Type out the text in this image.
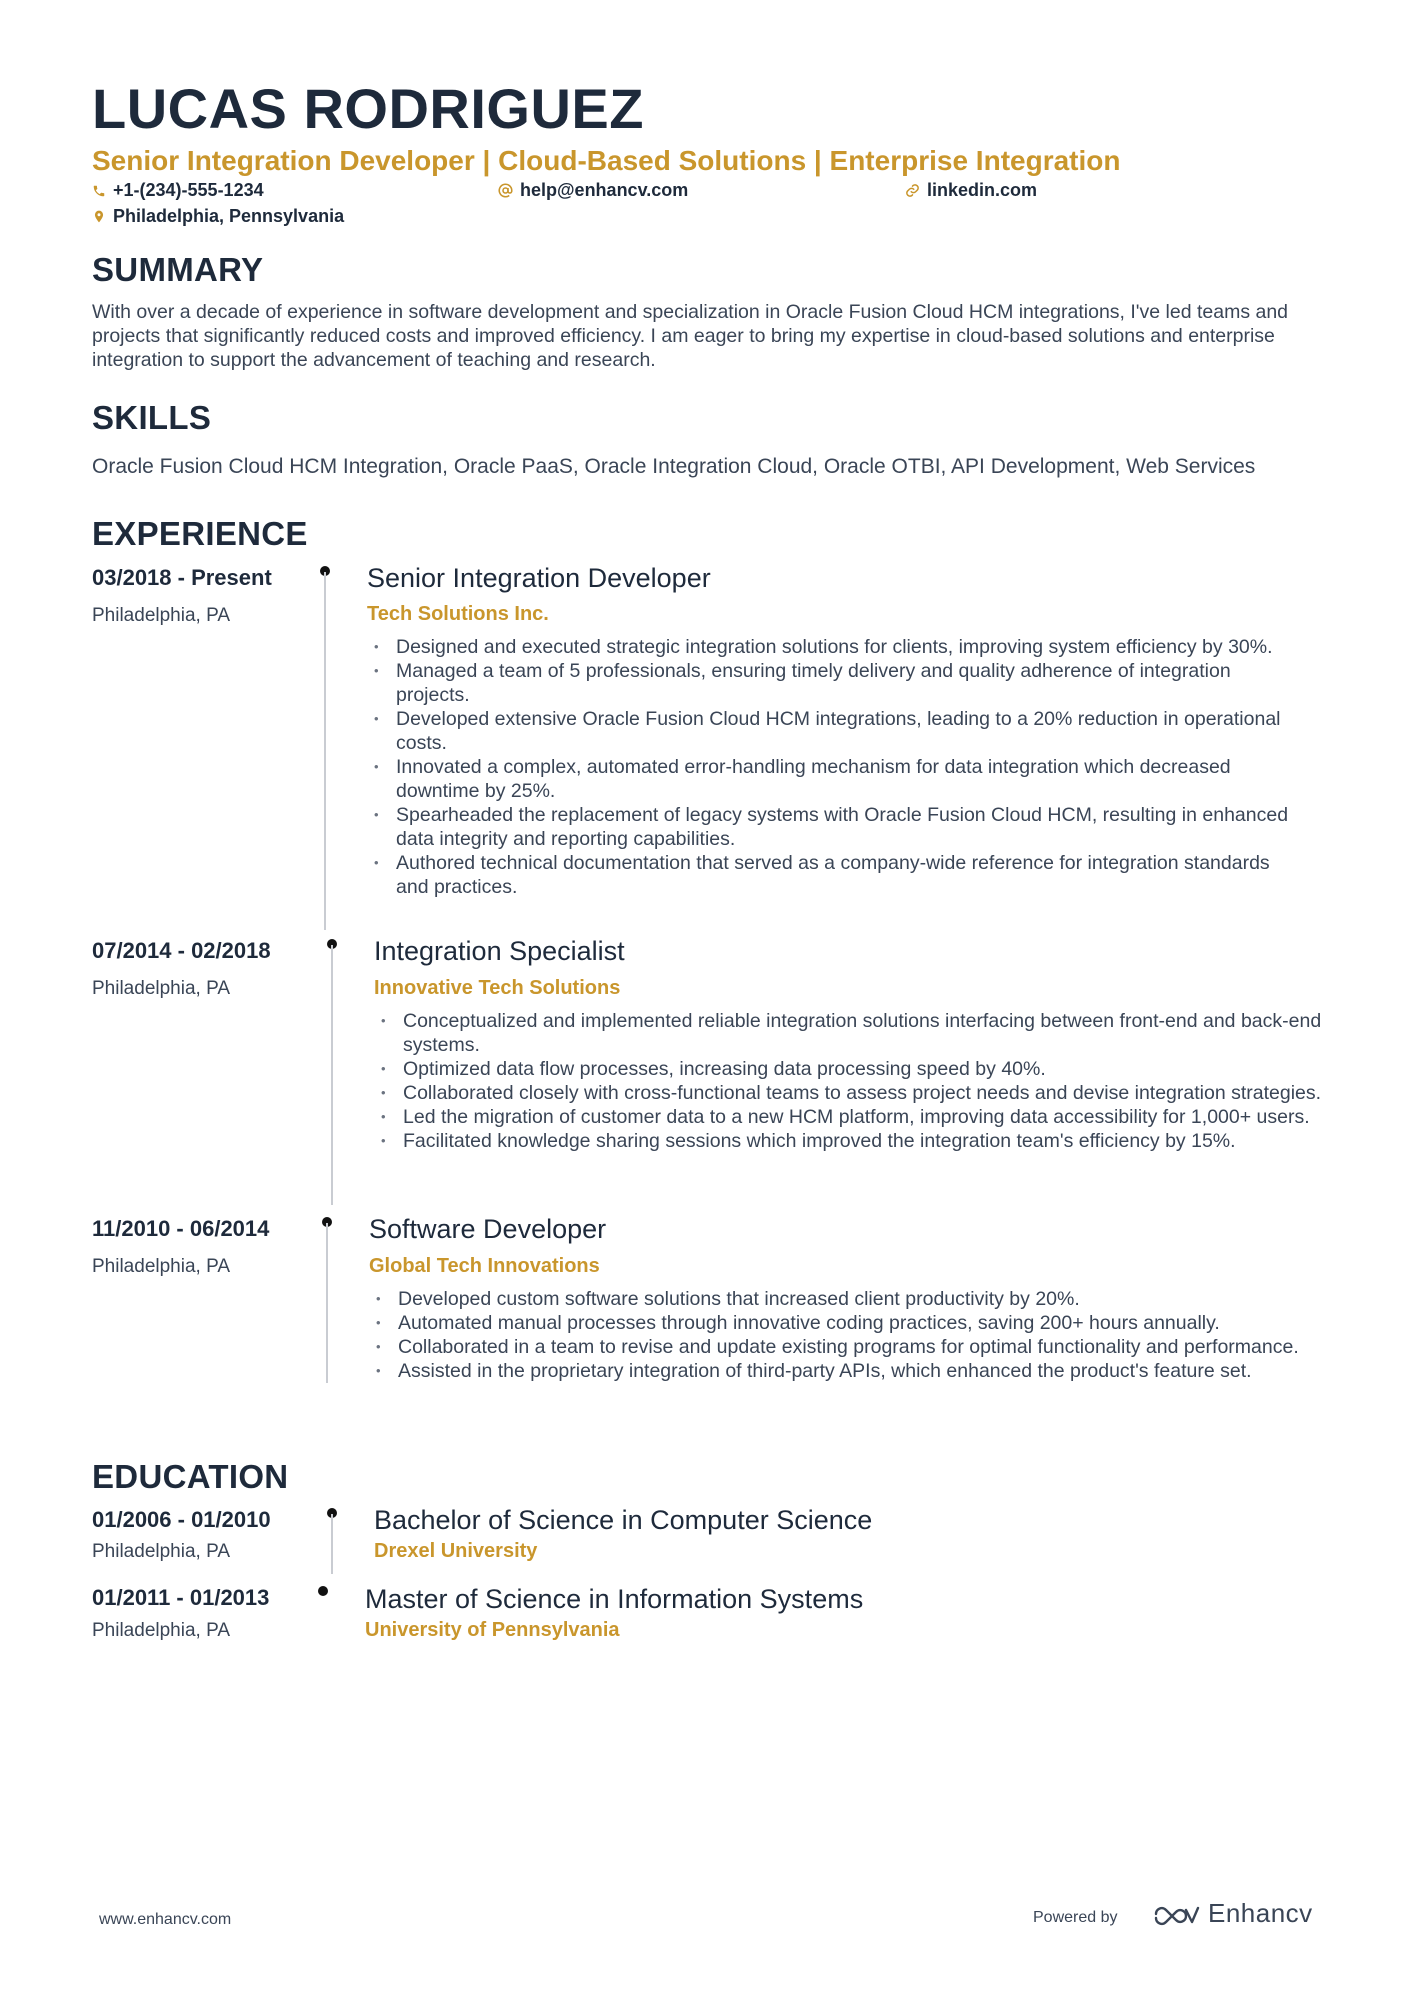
LUCAS RODRIGUEZ
Senior Integration Developer | Cloud-Based Solutions | Enterprise Integration
+1-(234)-555-1234	help@enhancv.com	linkedin.com
Philadelphia, Pennsylvania
SUMMARY

With over a decade of experience in software development and specialization in Oracle Fusion Cloud HCM integrations, I've led teams and projects that significantly reduced costs and improved efficiency. I am eager to bring my expertise in cloud-based solutions and enterprise integration to support the advancement of teaching and research.

SKILLS

Oracle Fusion Cloud HCM Integration, Oracle PaaS, Oracle Integration Cloud, Oracle OTBI, API Development, Web Services

EXPERIENCE
03/2018 - Present
Philadelphia, PA
Senior Integration Developer
Tech Solutions Inc.
• Designed and executed strategic integration solutions for clients, improving system efficiency by 30%.
• Managed a team of 5 professionals, ensuring timely delivery and quality adherence of integration projects.
• Developed extensive Oracle Fusion Cloud HCM integrations, leading to a 20% reduction in operational costs.
• Innovated a complex, automated error-handling mechanism for data integration which decreased downtime by 25%.
• Spearheaded the replacement of legacy systems with Oracle Fusion Cloud HCM, resulting in enhanced data integrity and reporting capabilities.
• Authored technical documentation that served as a company-wide reference for integration standards and practices.
07/2014 - 02/2018
Philadelphia, PA
Integration Specialist
Innovative Tech Solutions
• Conceptualized and implemented reliable integration solutions interfacing between front-end and back-end systems.
• Optimized data flow processes, increasing data processing speed by 40%.
• Collaborated closely with cross-functional teams to assess project needs and devise integration strategies.
• Led the migration of customer data to a new HCM platform, improving data accessibility for 1,000+ users.
• Facilitated knowledge sharing sessions which improved the integration team's efficiency by 15%.
11/2010 - 06/2014
Philadelphia, PA
Software Developer
Global Tech Innovations
• Developed custom software solutions that increased client productivity by 20%.
• Automated manual processes through innovative coding practices, saving 200+ hours annually.
• Collaborated in a team to revise and update existing programs for optimal functionality and performance.
• Assisted in the proprietary integration of third-party APIs, which enhanced the product's feature set.
EDUCATION
01/2006 - 01/2010
Philadelphia, PA
Bachelor of Science in Computer Science
Drexel University
01/2011 - 01/2013
Philadelphia, PA
Master of Science in Information Systems
University of Pennsylvania
www.enhancv.com	Powered by	Enhancv
